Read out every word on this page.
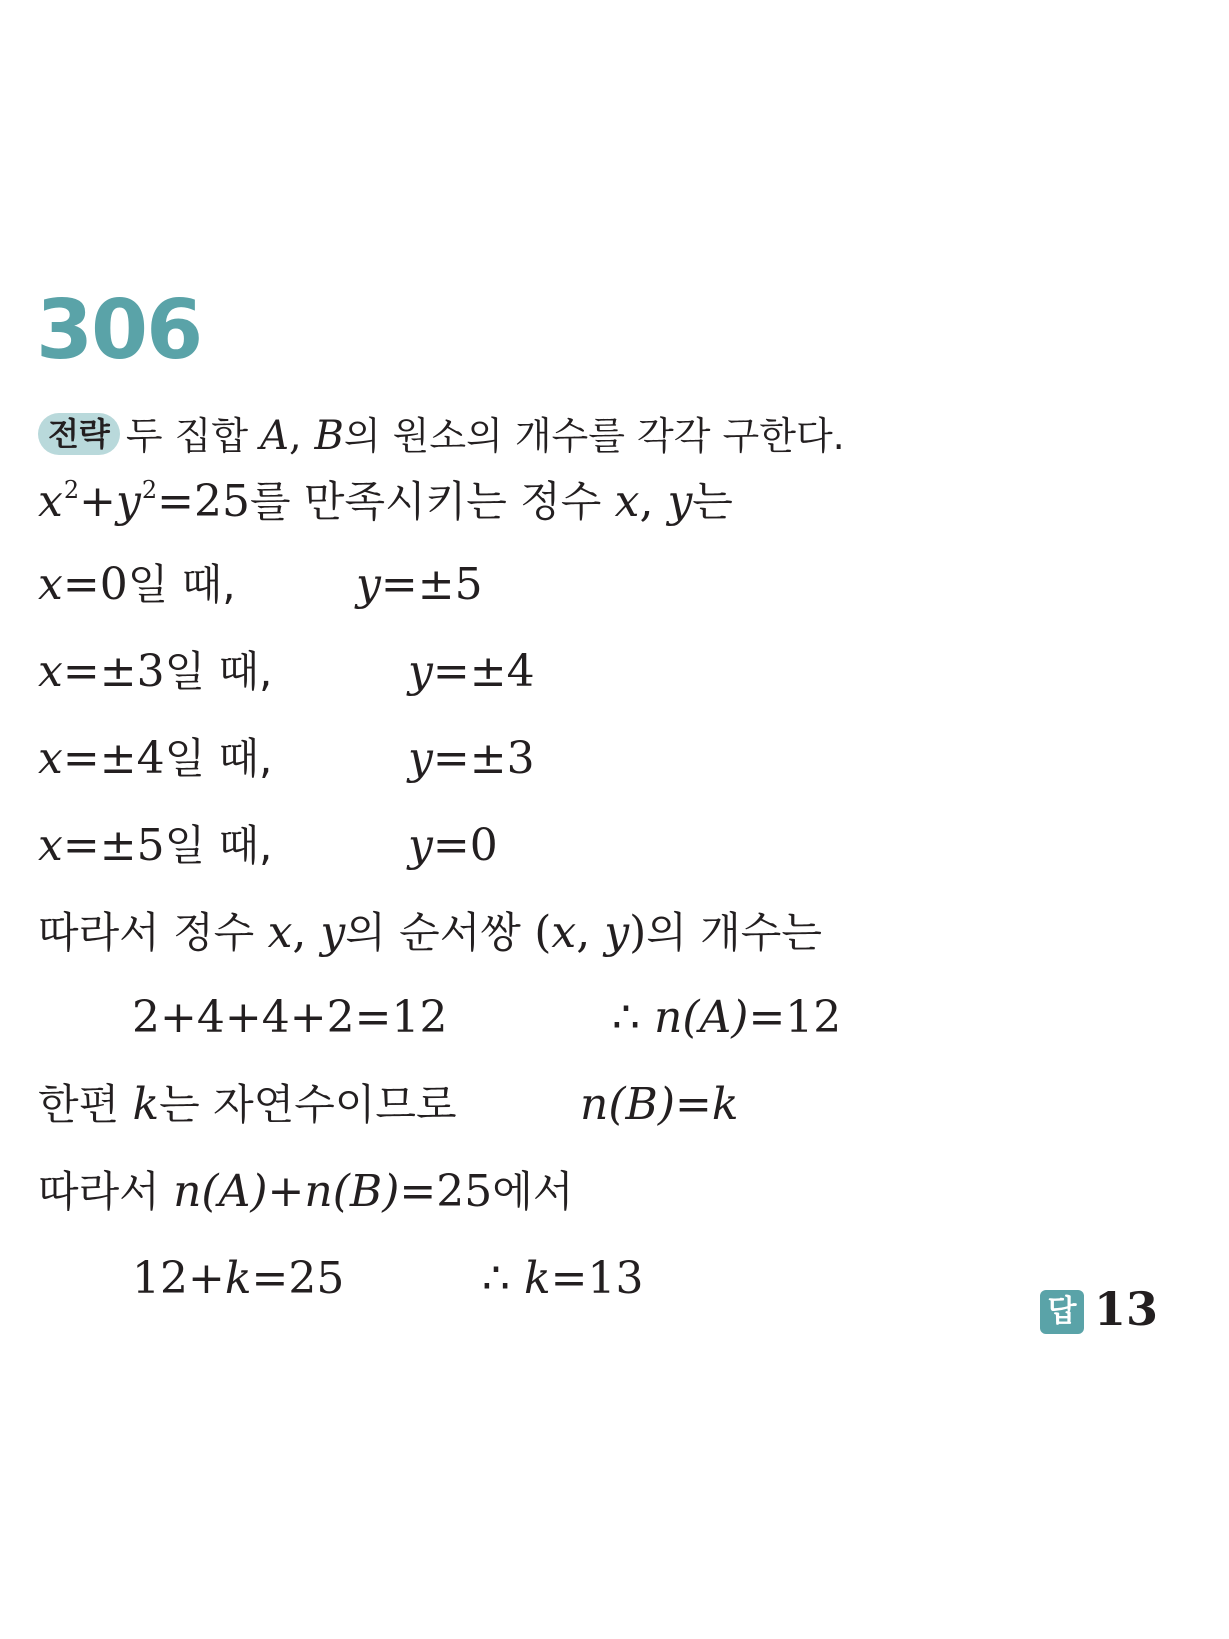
306
전략 두 집합 A, B의 원소의 개수를 각각 구한다.
$x^2+y^2=25$를 만족시키는 정수 x, y는
x=0일 때,	y=±5
x=±3일 때,	y=±4
x=±4일 때,	y=±3
x=±5일 때,	y=0
따라서 정수 x, y의 순서쌍 (x, y)의 개수는
2+4+4+2=12	∴ n(A)=12
한편 k는 자연수이므로	n(B)=k
따라서 n(A)+n(B)=25에서
12+k=25	∴ k=13
답 13
